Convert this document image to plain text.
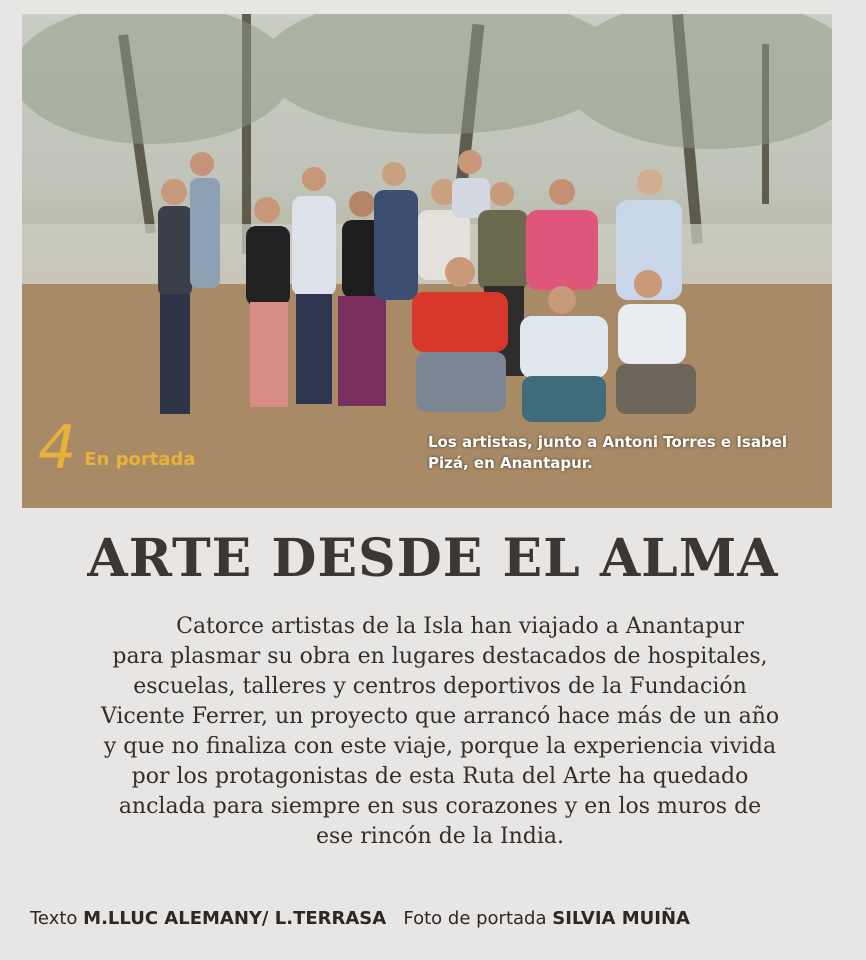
4 En portada
Los artistas, junto a Antoni Torres e Isabel Pizá, en Anantapur.
ARTE DESDE EL ALMA

Catorce artistas de la Isla han viajado a Anantapur
para plasmar su obra en lugares destacados de hospitales,
escuelas, talleres y centros deportivos de la Fundación
Vicente Ferrer, un proyecto que arrancó hace más de un año
y que no finaliza con este viaje, porque la experiencia vivida
por los protagonistas de esta Ruta del Arte ha quedado
anclada para siempre en sus corazones y en los muros de
ese rincón de la India.

Texto M.LLUC ALEMANY/ L.TERRASA Foto de portada SILVIA MUIÑA
